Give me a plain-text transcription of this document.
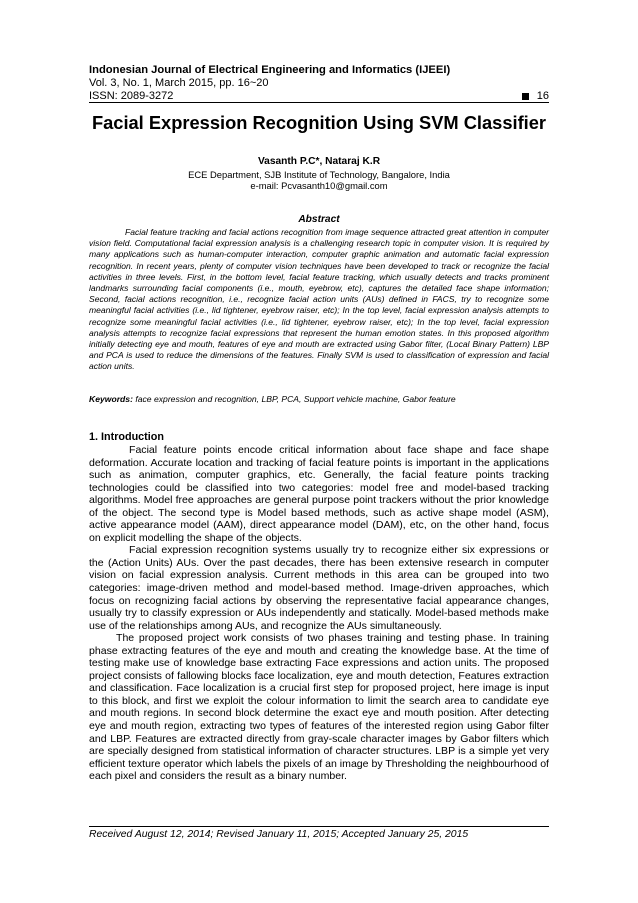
Indonesian Journal of Electrical Engineering and Informatics (IJEEI)
Vol. 3, No. 1, March 2015, pp. 16~20
ISSN: 2089-3272	16
Facial Expression Recognition Using SVM Classifier
Vasanth P.C*, Nataraj K.R
ECE Department, SJB Institute of Technology, Bangalore, India
e-mail: Pcvasanth10@gmail.com
Abstract
Facial feature tracking and facial actions recognition from image sequence attracted great attention in computer vision field. Computational facial expression analysis is a challenging research topic in computer vision. It is required by many applications such as human-computer interaction, computer graphic animation and automatic facial expression recognition. In recent years, plenty of computer vision techniques have been developed to track or recognize the facial activities in three levels. First, in the bottom level, facial feature tracking, which usually detects and tracks prominent landmarks surrounding facial components (i.e., mouth, eyebrow, etc), captures the detailed face shape information; Second, facial actions recognition, i.e., recognize facial action units (AUs) defined in FACS, try to recognize some meaningful facial activities (i.e., lid tightener, eyebrow raiser, etc); In the top level, facial expression analysis attempts to recognize some meaningful facial activities (i.e., lid tightener, eyebrow raiser, etc); In the top level, facial expression analysis attempts to recognize facial expressions that represent the human emotion states. In this proposed algorithm initially detecting eye and mouth, features of eye and mouth are extracted using Gabor filter, (Local Binary Pattern) LBP and PCA is used to reduce the dimensions of the features. Finally SVM is used to classification of expression and facial action units.
Keywords: face expression and recognition, LBP, PCA, Support vehicle machine, Gabor feature
1. Introduction

Facial feature points encode critical information about face shape and face shape deformation. Accurate location and tracking of facial feature points is important in the applications such as animation, computer graphics, etc. Generally, the facial feature points tracking technologies could be classified into two categories: model free and model-based tracking algorithms. Model free approaches are general purpose point trackers without the prior knowledge of the object. The second type is Model based methods, such as active shape model (ASM), active appearance model (AAM), direct appearance model (DAM), etc, on the other hand, focus on explicit modelling the shape of the objects.

Facial expression recognition systems usually try to recognize either six expressions or the (Action Units) AUs. Over the past decades, there has been extensive research in computer vision on facial expression analysis. Current methods in this area can be grouped into two categories: image-driven method and model-based method. Image-driven approaches, which focus on recognizing facial actions by observing the representative facial appearance changes, usually try to classify expression or AUs independently and statically. Model-based methods make use of the relationships among AUs, and recognize the AUs simultaneously.

The proposed project work consists of two phases training and testing phase. In training phase extracting features of the eye and mouth and creating the knowledge base. At the time of testing make use of knowledge base extracting Face expressions and action units. The proposed project consists of fallowing blocks face localization, eye and mouth detection, Features extraction and classification. Face localization is a crucial first step for proposed project, here image is input to this block, and first we exploit the colour information to limit the search area to candidate eye and mouth regions. In second block determine the exact eye and mouth position. After detecting eye and mouth region, extracting two types of features of the interested region using Gabor filter and LBP. Features are extracted directly from gray-scale character images by Gabor filters which are specially designed from statistical information of character structures. LBP is a simple yet very efficient texture operator which labels the pixels of an image by Thresholding the neighbourhood of each pixel and considers the result as a binary number.

Received August 12, 2014; Revised January 11, 2015; Accepted January 25, 2015
